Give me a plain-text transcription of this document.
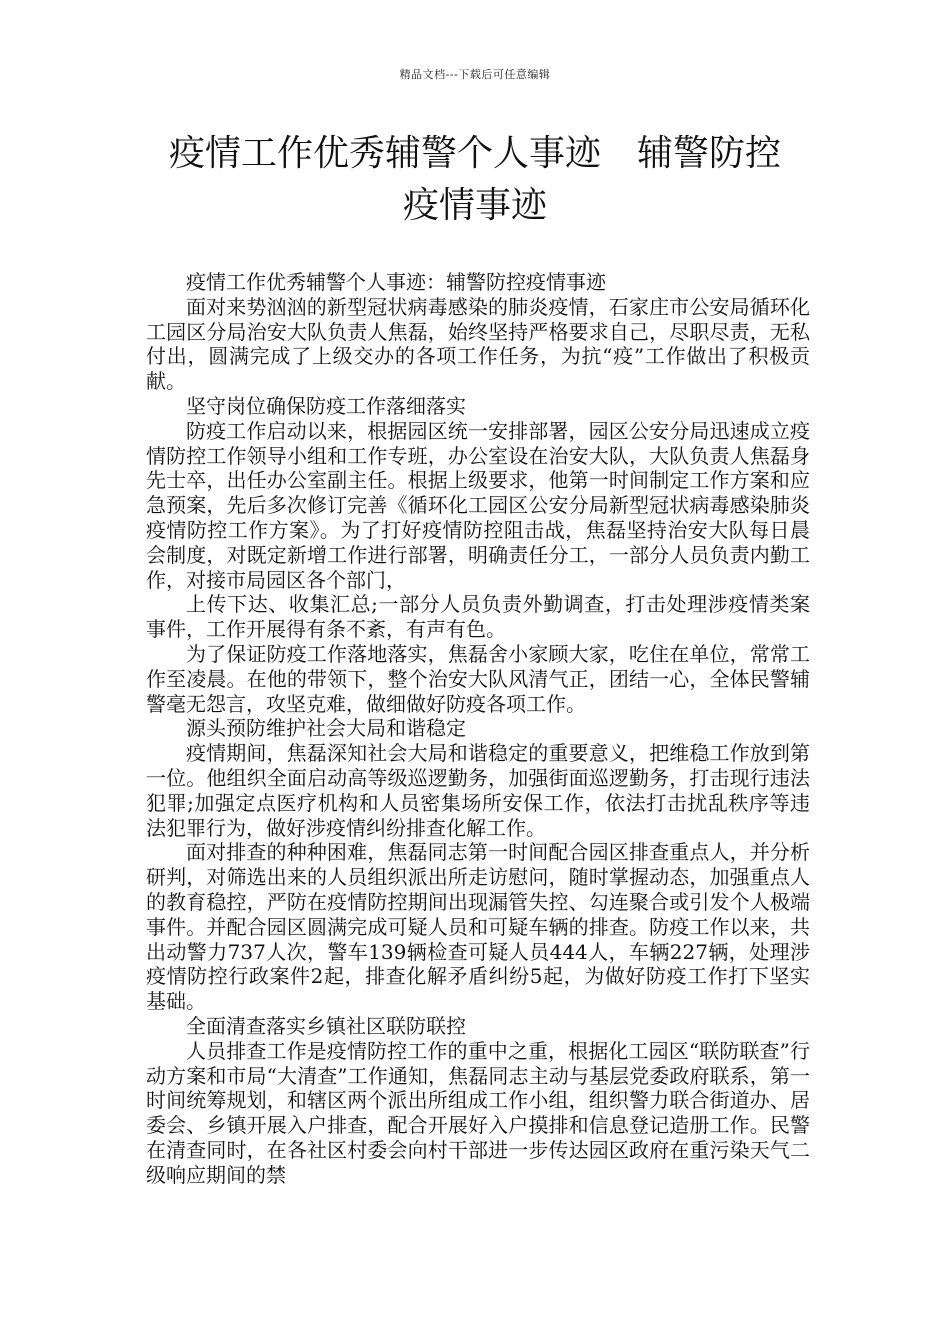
精品文档---下载后可任意编辑
疫情工作优秀辅警个人事迹　辅警防控
疫情事迹

疫情工作优秀辅警个人事迹：辅警防控疫情事迹

面对来势汹汹的新型冠状病毒感染的肺炎疫情，石家庄市公安局循环化工园区分局治安大队负责人焦磊，始终坚持严格要求自己，尽职尽责，无私付出，圆满完成了上级交办的各项工作任务，为抗“疫”工作做出了积极贡献。

坚守岗位确保防疫工作落细落实

防疫工作启动以来，根据园区统一安排部署，园区公安分局迅速成立疫情防控工作领导小组和工作专班，办公室设在治安大队，大队负责人焦磊身先士卒，出任办公室副主任。根据上级要求，他第一时间制定工作方案和应急预案，先后多次修订完善《循环化工园区公安分局新型冠状病毒感染肺炎疫情防控工作方案》。为了打好疫情防控阻击战，焦磊坚持治安大队每日晨会制度，对既定新增工作进行部署，明确责任分工，一部分人员负责内勤工作，对接市局园区各个部门，

上传下达、收集汇总;一部分人员负责外勤调查，打击处理涉疫情类案事件，工作开展得有条不紊，有声有色。

为了保证防疫工作落地落实，焦磊舍小家顾大家，吃住在单位，常常工作至凌晨。在他的带领下，整个治安大队风清气正，团结一心，全体民警辅警毫无怨言，攻坚克难，做细做好防疫各项工作。

源头预防维护社会大局和谐稳定

疫情期间，焦磊深知社会大局和谐稳定的重要意义，把维稳工作放到第一位。他组织全面启动高等级巡逻勤务，加强街面巡逻勤务，打击现行违法犯罪;加强定点医疗机构和人员密集场所安保工作，依法打击扰乱秩序等违法犯罪行为，做好涉疫情纠纷排查化解工作。

面对排查的种种困难，焦磊同志第一时间配合园区排查重点人，并分析研判，对筛选出来的人员组织派出所走访慰问，随时掌握动态，加强重点人的教育稳控，严防在疫情防控期间出现漏管失控、勾连聚合或引发个人极端事件。并配合园区圆满完成可疑人员和可疑车辆的排查。防疫工作以来，共出动警力737人次，警车139辆检查可疑人员444人，车辆227辆，处理涉疫情防控行政案件2起，排查化解矛盾纠纷5起，为做好防疫工作打下坚实基础。

全面清查落实乡镇社区联防联控

人员排查工作是疫情防控工作的重中之重，根据化工园区“联防联查”行动方案和市局“大清查”工作通知，焦磊同志主动与基层党委政府联系，第一时间统筹规划，和辖区两个派出所组成工作小组，组织警力联合街道办、居委会、乡镇开展入户排查，配合开展好入户摸排和信息登记造册工作。民警在清查同时，在各社区村委会向村干部进一步传达园区政府在重污染天气二级响应期间的禁
